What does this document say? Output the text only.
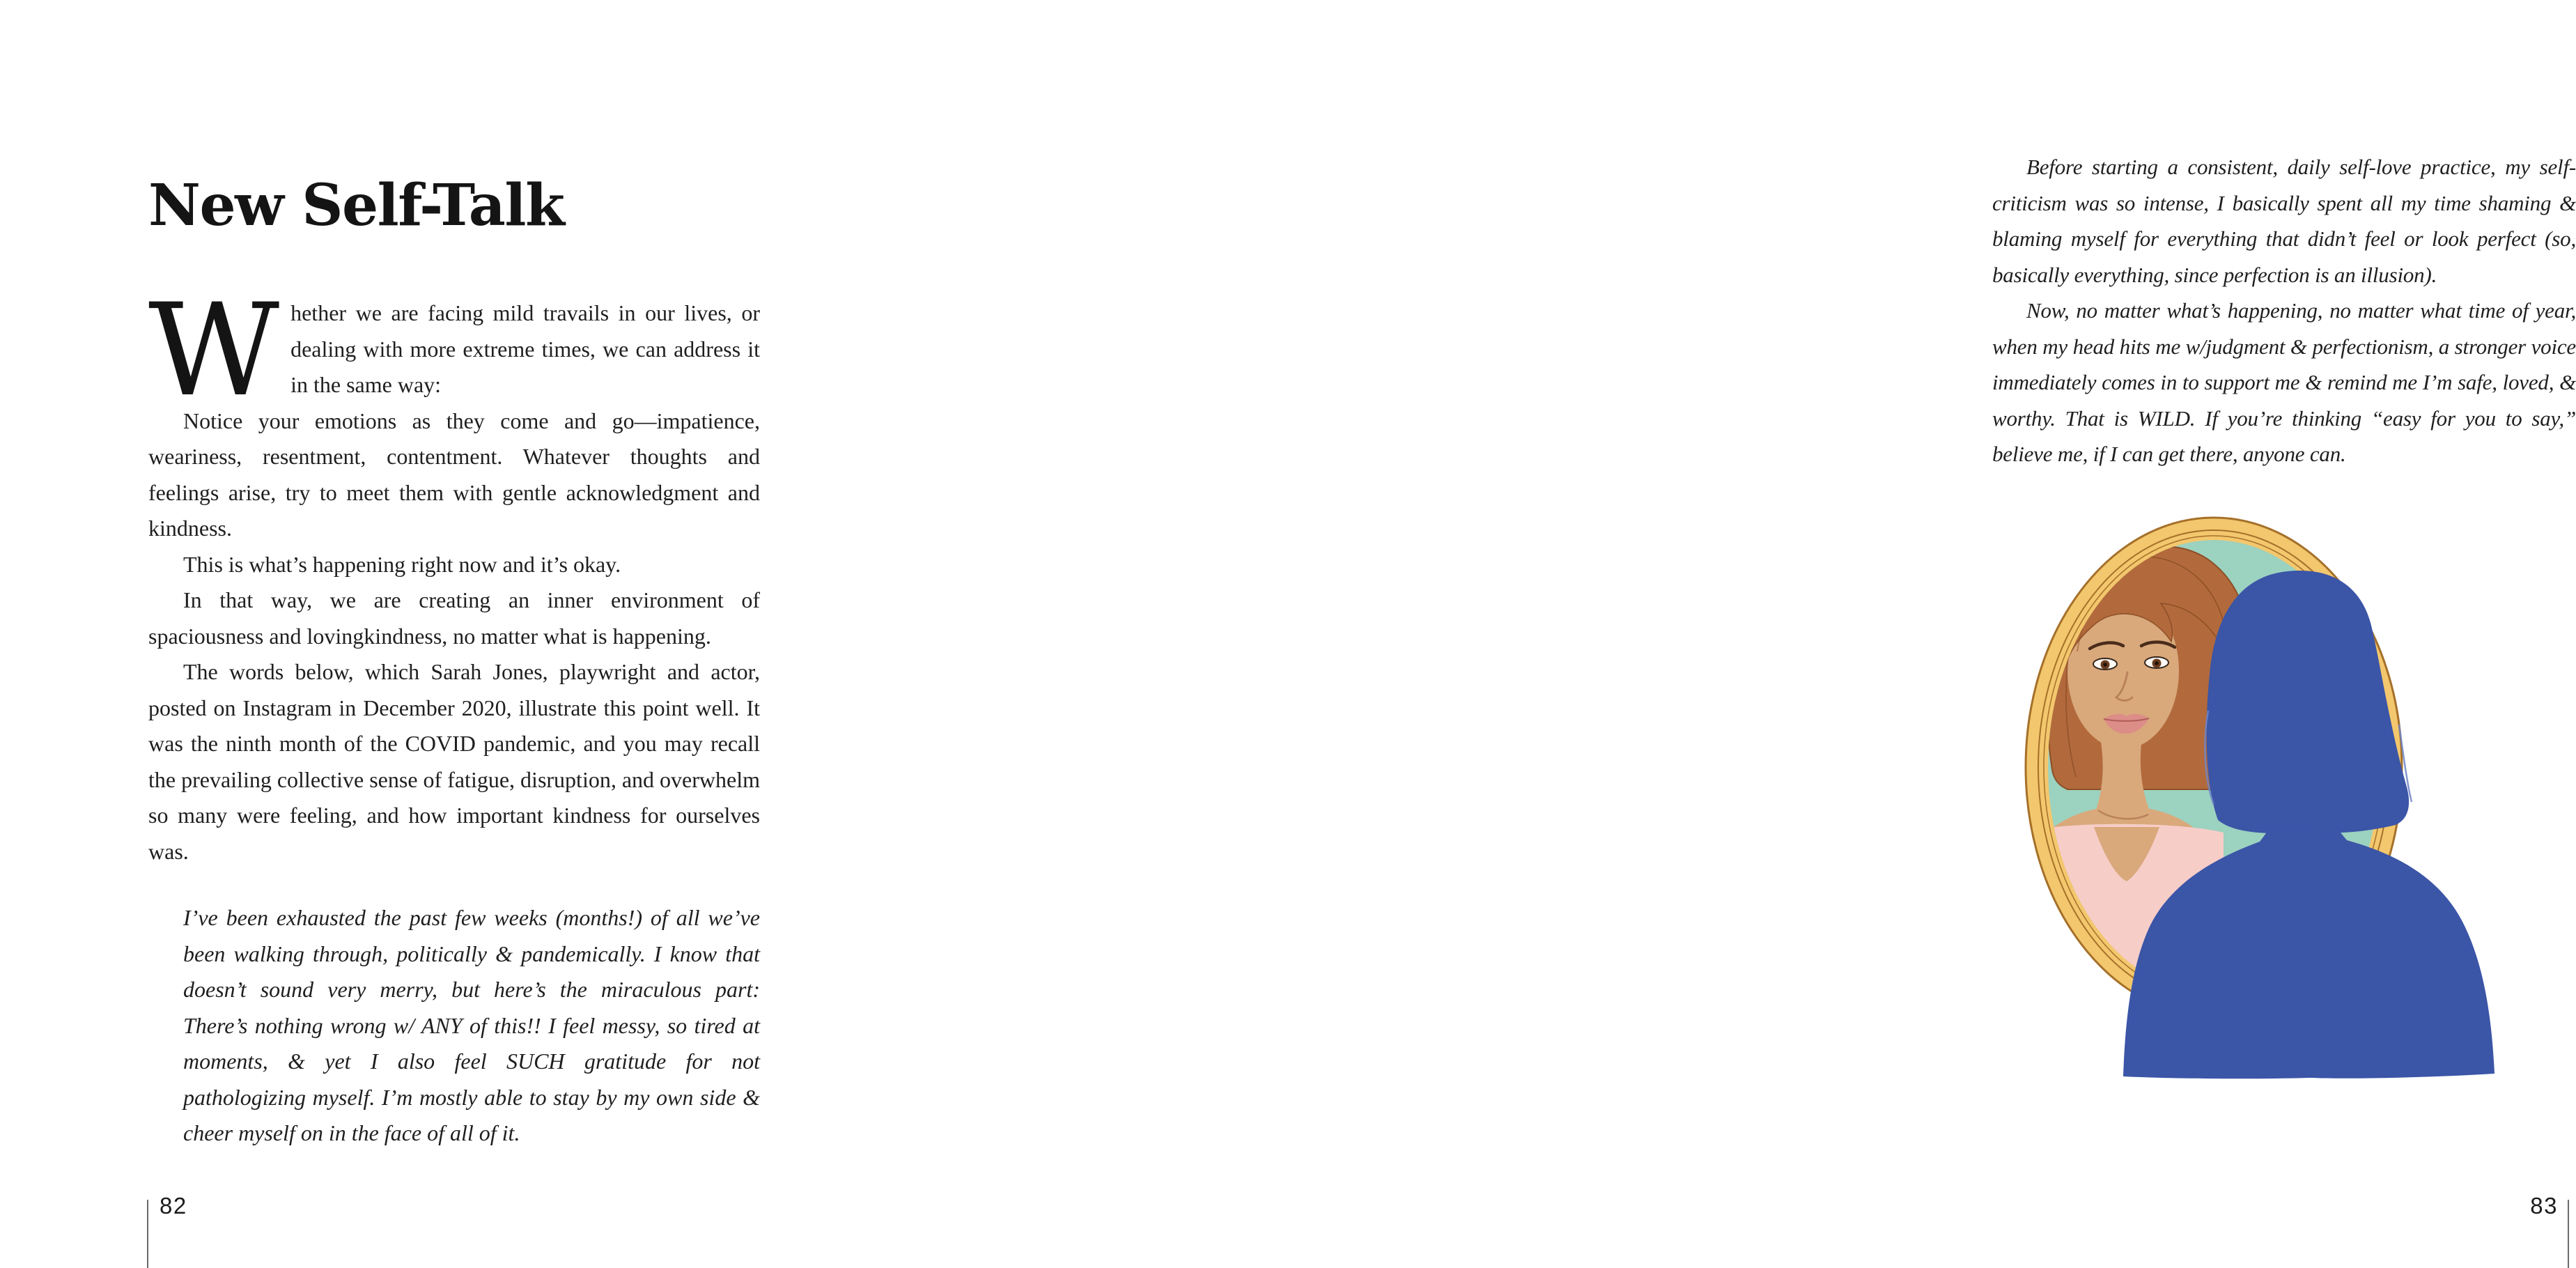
New Self-Talk

Whether we are facing mild travails in our lives, or dealing with more extreme times, we can address it in the same way:

Notice your emotions as they come and go—impatience, weariness, resentment, contentment. Whatever thoughts and feelings arise, try to meet them with gentle acknowledgment and kindness.

This is what’s happening right now and it’s okay.

In that way, we are creating an inner environment of spaciousness and lovingkindness, no matter what is happening.

The words below, which Sarah Jones, playwright and actor, posted on Instagram in December 2020, illustrate this point well. It was the ninth month of the COVID pandemic, and you may recall the prevailing collective sense of fatigue, disruption, and overwhelm so many were feeling, and how important kindness for ourselves was.

I’ve been exhausted the past few weeks (months!) of all we’ve been walking through, politically & pandemically. I know that doesn’t sound very merry, but here’s the miraculous part: There’s nothing wrong w/ ANY of this!! I feel messy, so tired at moments, & yet I also feel SUCH gratitude for not pathologizing myself. I’m mostly able to stay by my own side & cheer myself on in the face of all of it.
82

Before starting a consistent, daily self-love practice, my self-criticism was so intense, I basically spent all my time shaming & blaming myself for everything that didn’t feel or look perfect (so, basically everything, since perfection is an illusion).

Now, no matter what’s happening, no matter what time of year, when my head hits me w/judgment & perfectionism, a stronger voice immediately comes in to support me & remind me I’m safe, loved, & worthy. That is WILD. If you’re thinking “easy for you to say,” believe me, if I can get there, anyone can.

83
